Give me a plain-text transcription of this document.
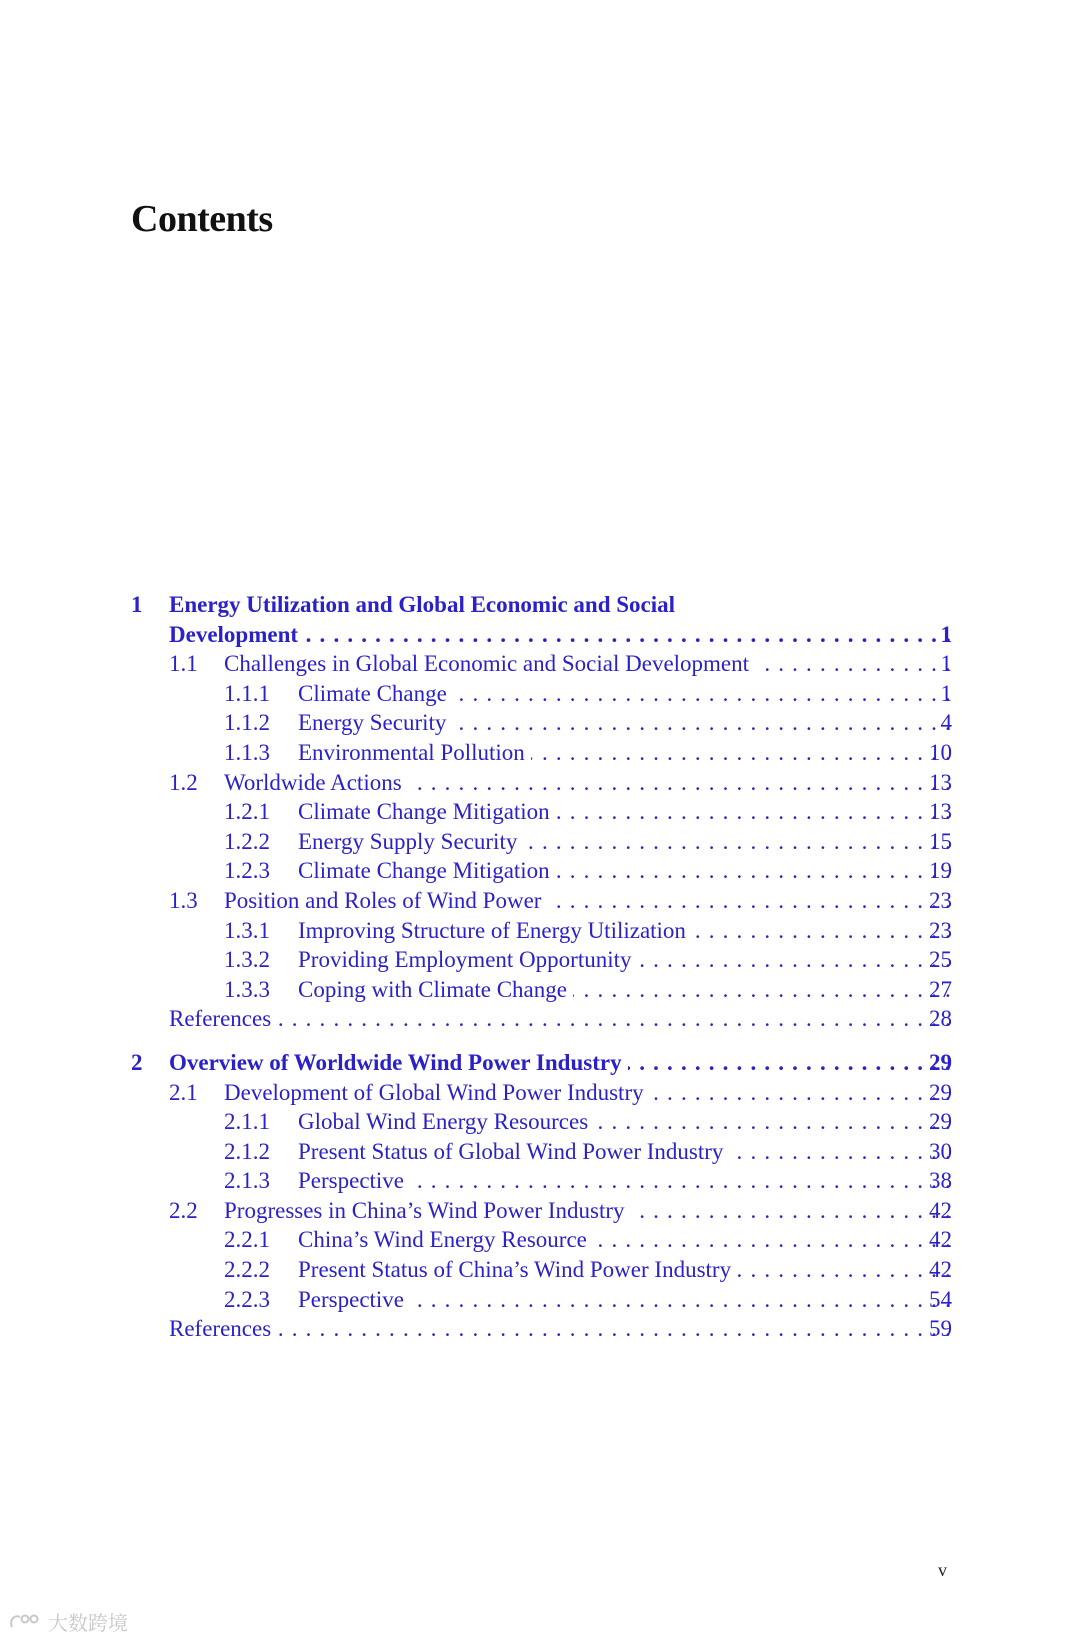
Contents
1 Energy Utilization and Global Economic and Social
Development . . .	1
1.1 Challenges in Global Economic and Social Development . . .	1
1.1.1 Climate Change . . .	1
1.1.2 Energy Security . . .	4
1.1.3 Environmental Pollution . . .	10
1.2 Worldwide Actions . . .	13
1.2.1 Climate Change Mitigation . . .	13
1.2.2 Energy Supply Security . . .	15
1.2.3 Climate Change Mitigation . . .	19
1.3 Position and Roles of Wind Power . . .	23
1.3.1 Improving Structure of Energy Utilization . . .	23
1.3.2 Providing Employment Opportunity . . .	25
1.3.3 Coping with Climate Change . . .	27
References . . .	28
2 Overview of Worldwide Wind Power Industry . . .	29
2.1 Development of Global Wind Power Industry . . .	29
2.1.1 Global Wind Energy Resources . . .	29
2.1.2 Present Status of Global Wind Power Industry . . .	30
2.1.3 Perspective . . .	38
2.2 Progresses in China’s Wind Power Industry . . .	42
2.2.1 China’s Wind Energy Resource . . .	42
2.2.2 Present Status of China’s Wind Power Industry . . .	42
2.2.3 Perspective . . .	54
References . . .	59
v
大数跨境
